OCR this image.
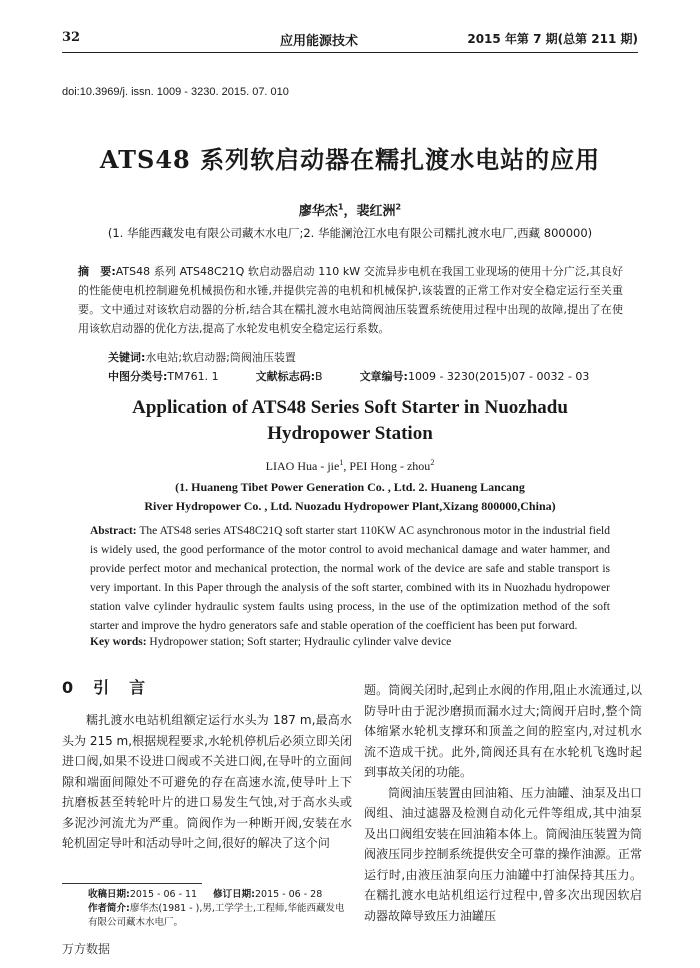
32	应用能源技术	2015 年第 7 期(总第 211 期)
doi:10.3969/j. issn. 1009 - 3230. 2015. 07. 010
ATS48 系列软启动器在糯扎渡水电站的应用
廖华杰$^1$，裴红洲$^2$
(1. 华能西藏发电有限公司藏木水电厂;2. 华能澜沧江水电有限公司糯扎渡水电厂,西藏 800000)
摘　要:ATS48 系列 ATS48C21Q 软启动器启动 110 kW 交流异步电机在我国工业现场的使用十分广泛,其良好的性能使电机控制避免机械损伤和水锤,并提供完善的电机和机械保护,该装置的正常工作对安全稳定运行至关重要。文中通过对该软启动器的分析,结合其在糯扎渡水电站筒阀油压装置系统使用过程中出现的故障,提出了在使用该软启动器的优化方法,提高了水轮发电机安全稳定运行系数。
关键词:水电站;软启动器;筒阀油压装置
中图分类号:TM761. 1	文献标志码:B	文章编号:1009 - 3230(2015)07 - 0032 - 03
Application of ATS48 Series Soft Starter in Nuozhadu
Hydropower Station
LIAO Hua - jie$^1$, PEI Hong - zhou$^2$
(1. Huaneng Tibet Power Generation Co. , Ltd. 2. Huaneng Lancang
River Hydropower Co. , Ltd. Nuozadu Hydropower Plant,Xizang 800000,China)
Abstract: The ATS48 series ATS48C21Q soft starter start 110KW AC asynchronous motor in the industrial field is widely used, the good performance of the motor control to avoid mechanical damage and water hammer, and provide perfect motor and mechanical protection, the normal work of the device are safe and stable transport is very important. In this Paper through the analysis of the soft starter, combined with its in Nuozhadu hydropower station valve cylinder hydraulic system faults using process, in the use of the optimization method of the soft starter and improve the hydro generators safe and stable operation of the coefficient has been put forward.
Key words: Hydropower station; Soft starter; Hydraulic cylinder valve device
0 引 言

糯扎渡水电站机组额定运行水头为 187 m,最高水头为 215 m,根据规程要求,水轮机停机后必须立即关闭进口阀,如果不设进口阀或不关进口阀,在导叶的立面间隙和端面间隙处不可避免的存在高速水流,使导叶上下抗磨板甚至转轮叶片的进口易发生气蚀,对于高水头或多泥沙河流尤为严重。筒阀作为一种断开阀,安装在水轮机固定导叶和活动导叶之间,很好的解决了这个问

题。筒阀关闭时,起到止水阀的作用,阻止水流通过,以防导叶由于泥沙磨损而漏水过大;筒阀开启时,整个筒体缩紧水轮机支撑环和顶盖之间的腔室内,对过机水流不造成干扰。此外,筒阀还具有在水轮机飞逸时起到事故关闭的功能。

筒阀油压装置由回油箱、压力油罐、油泵及出口阀组、油过滤器及检测自动化元件等组成,其中油泵及出口阀组安装在回油箱本体上。筒阀油压装置为筒阀液压同步控制系统提供安全可靠的操作油源。正常运行时,由液压油泵向压力油罐中打油保持其压力。在糯扎渡水电站机组运行过程中,曾多次出现因软启动器故障导致压力油罐压

收稿日期:2015 - 06 - 11 修订日期:2015 - 06 - 28
作者简介:廖华杰(1981 - ),男,工学学士,工程师,华能西藏发电有限公司藏木水电厂。
万方数据
